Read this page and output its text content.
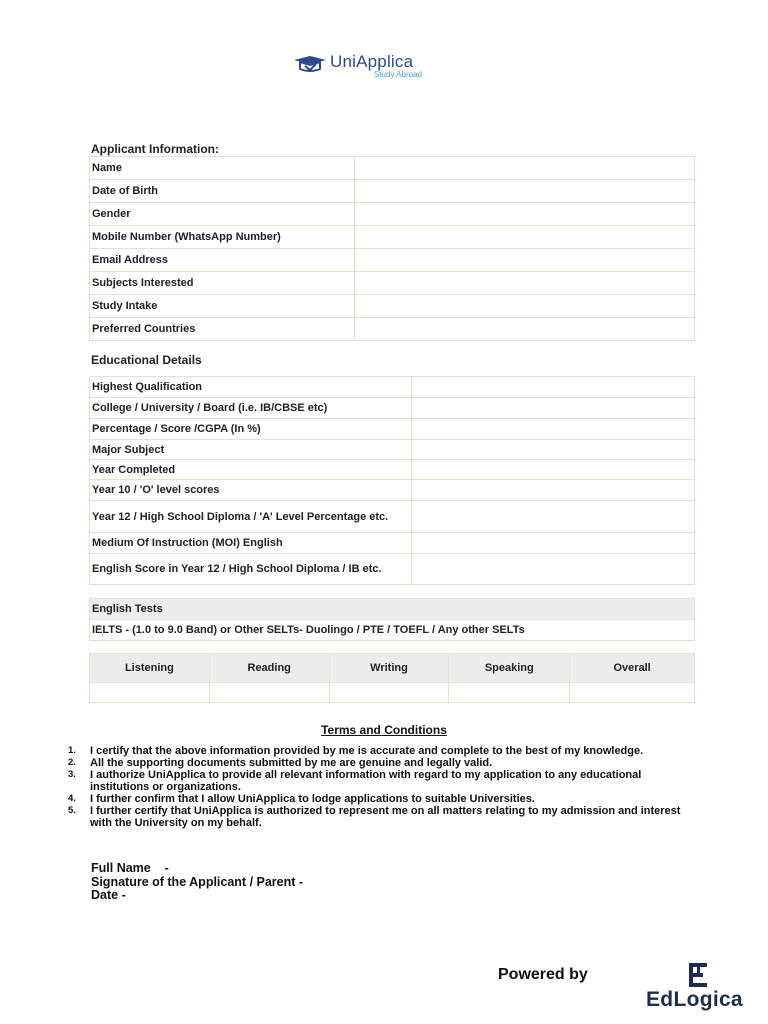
UniApplica
Study Abroad
Applicant Information:
Name	
Date of Birth	
Gender	
Mobile Number (WhatsApp Number)	
Email Address	
Subjects Interested	
Study Intake	
Preferred Countries	
Educational Details
Highest Qualification	
College / University / Board (i.e. IB/CBSE etc)	
Percentage / Score /CGPA (In %)	
Major Subject	
Year Completed	
Year 10 / 'O' level scores	
Year 12 / High School Diploma / 'A' Level Percentage etc.	
Medium Of Instruction (MOI) English	
English Score in Year 12 / High School Diploma / IB etc.	
English Tests
IELTS - (1.0 to 9.0 Band) or Other SELTs- Duolingo / PTE / TOEFL / Any other SELTs
Listening	Reading	Writing	Speaking	Overall

Terms and Conditions
1.	I certify that the above information provided by me is accurate and complete to the best of my knowledge.
2.	All the supporting documents submitted by me are genuine and legally valid.
3.	I authorize UniApplica to provide all relevant information with regard to my application to any educational institutions or organizations.
4.	I further confirm that I allow UniApplica to lodge applications to suitable Universities.
5.	I further certify that UniApplica is authorized to represent me on all matters relating to my admission and interest with the University on my behalf.
Full Name    -
Signature of the Applicant / Parent -
Date -
Powered by
EdLogica
